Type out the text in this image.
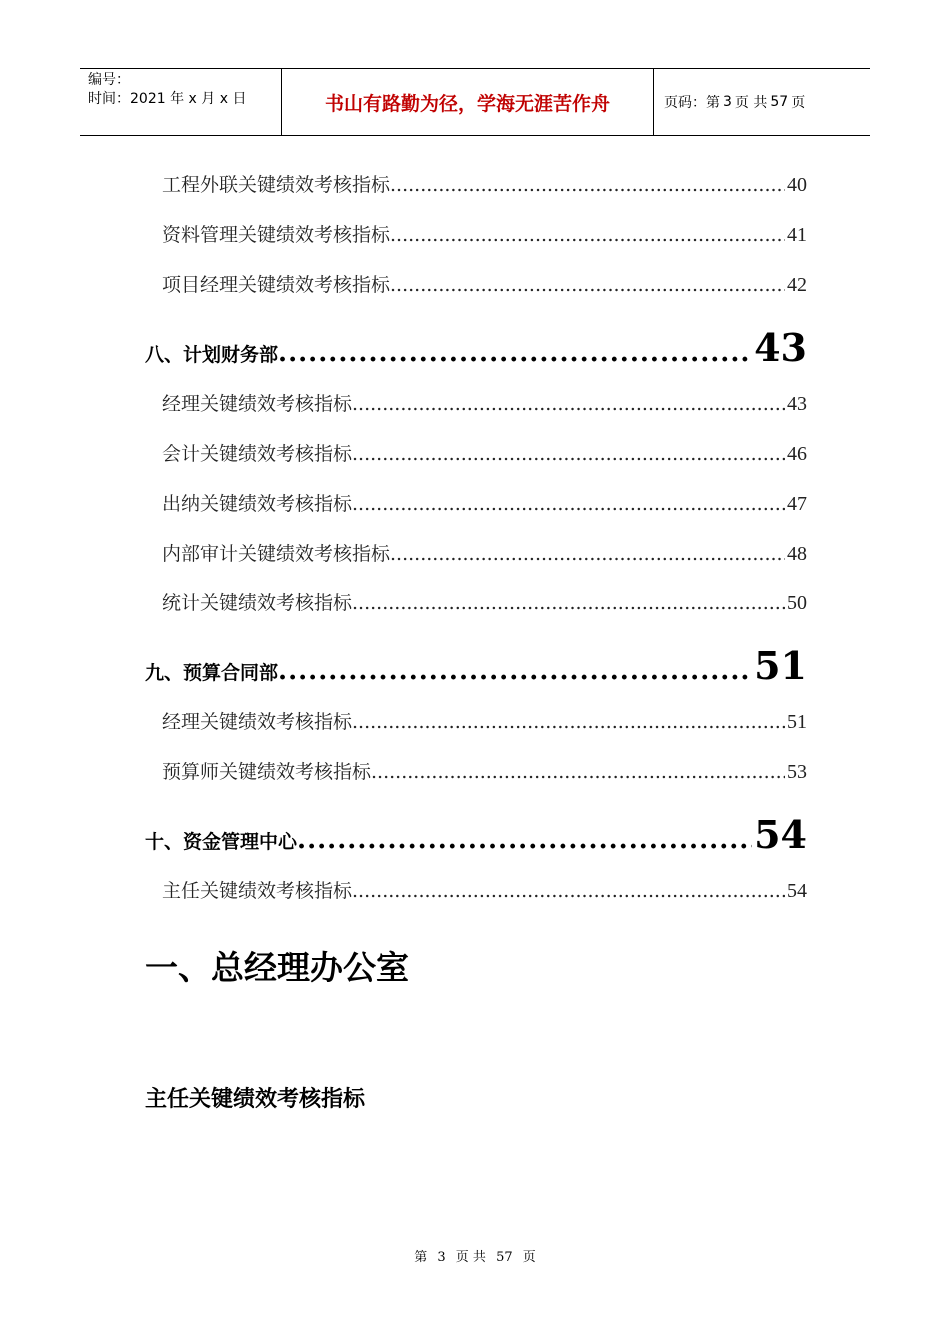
编号：
时间：2021 年 x 月 x 日	书山有路勤为径，学海无涯苦作舟	页码：第 3 页 共 57 页
工程外联关键绩效考核指标 .....	40
资料管理关键绩效考核指标 .....	41
项目经理关键绩效考核指标 .....	42
八、计划财务部 .....	43
经理关键绩效考核指标 .....	43
会计关键绩效考核指标 .....	46
出纳关键绩效考核指标 .....	47
内部审计关键绩效考核指标 .....	48
统计关键绩效考核指标 .....	50
九、预算合同部 .....	51
经理关键绩效考核指标 .....	51
预算师关键绩效考核指标 .....	53
十、资金管理中心 .....	54
主任关键绩效考核指标 .....	54
一、总经理办公室
主任关键绩效考核指标
第 3 页 共 57 页
